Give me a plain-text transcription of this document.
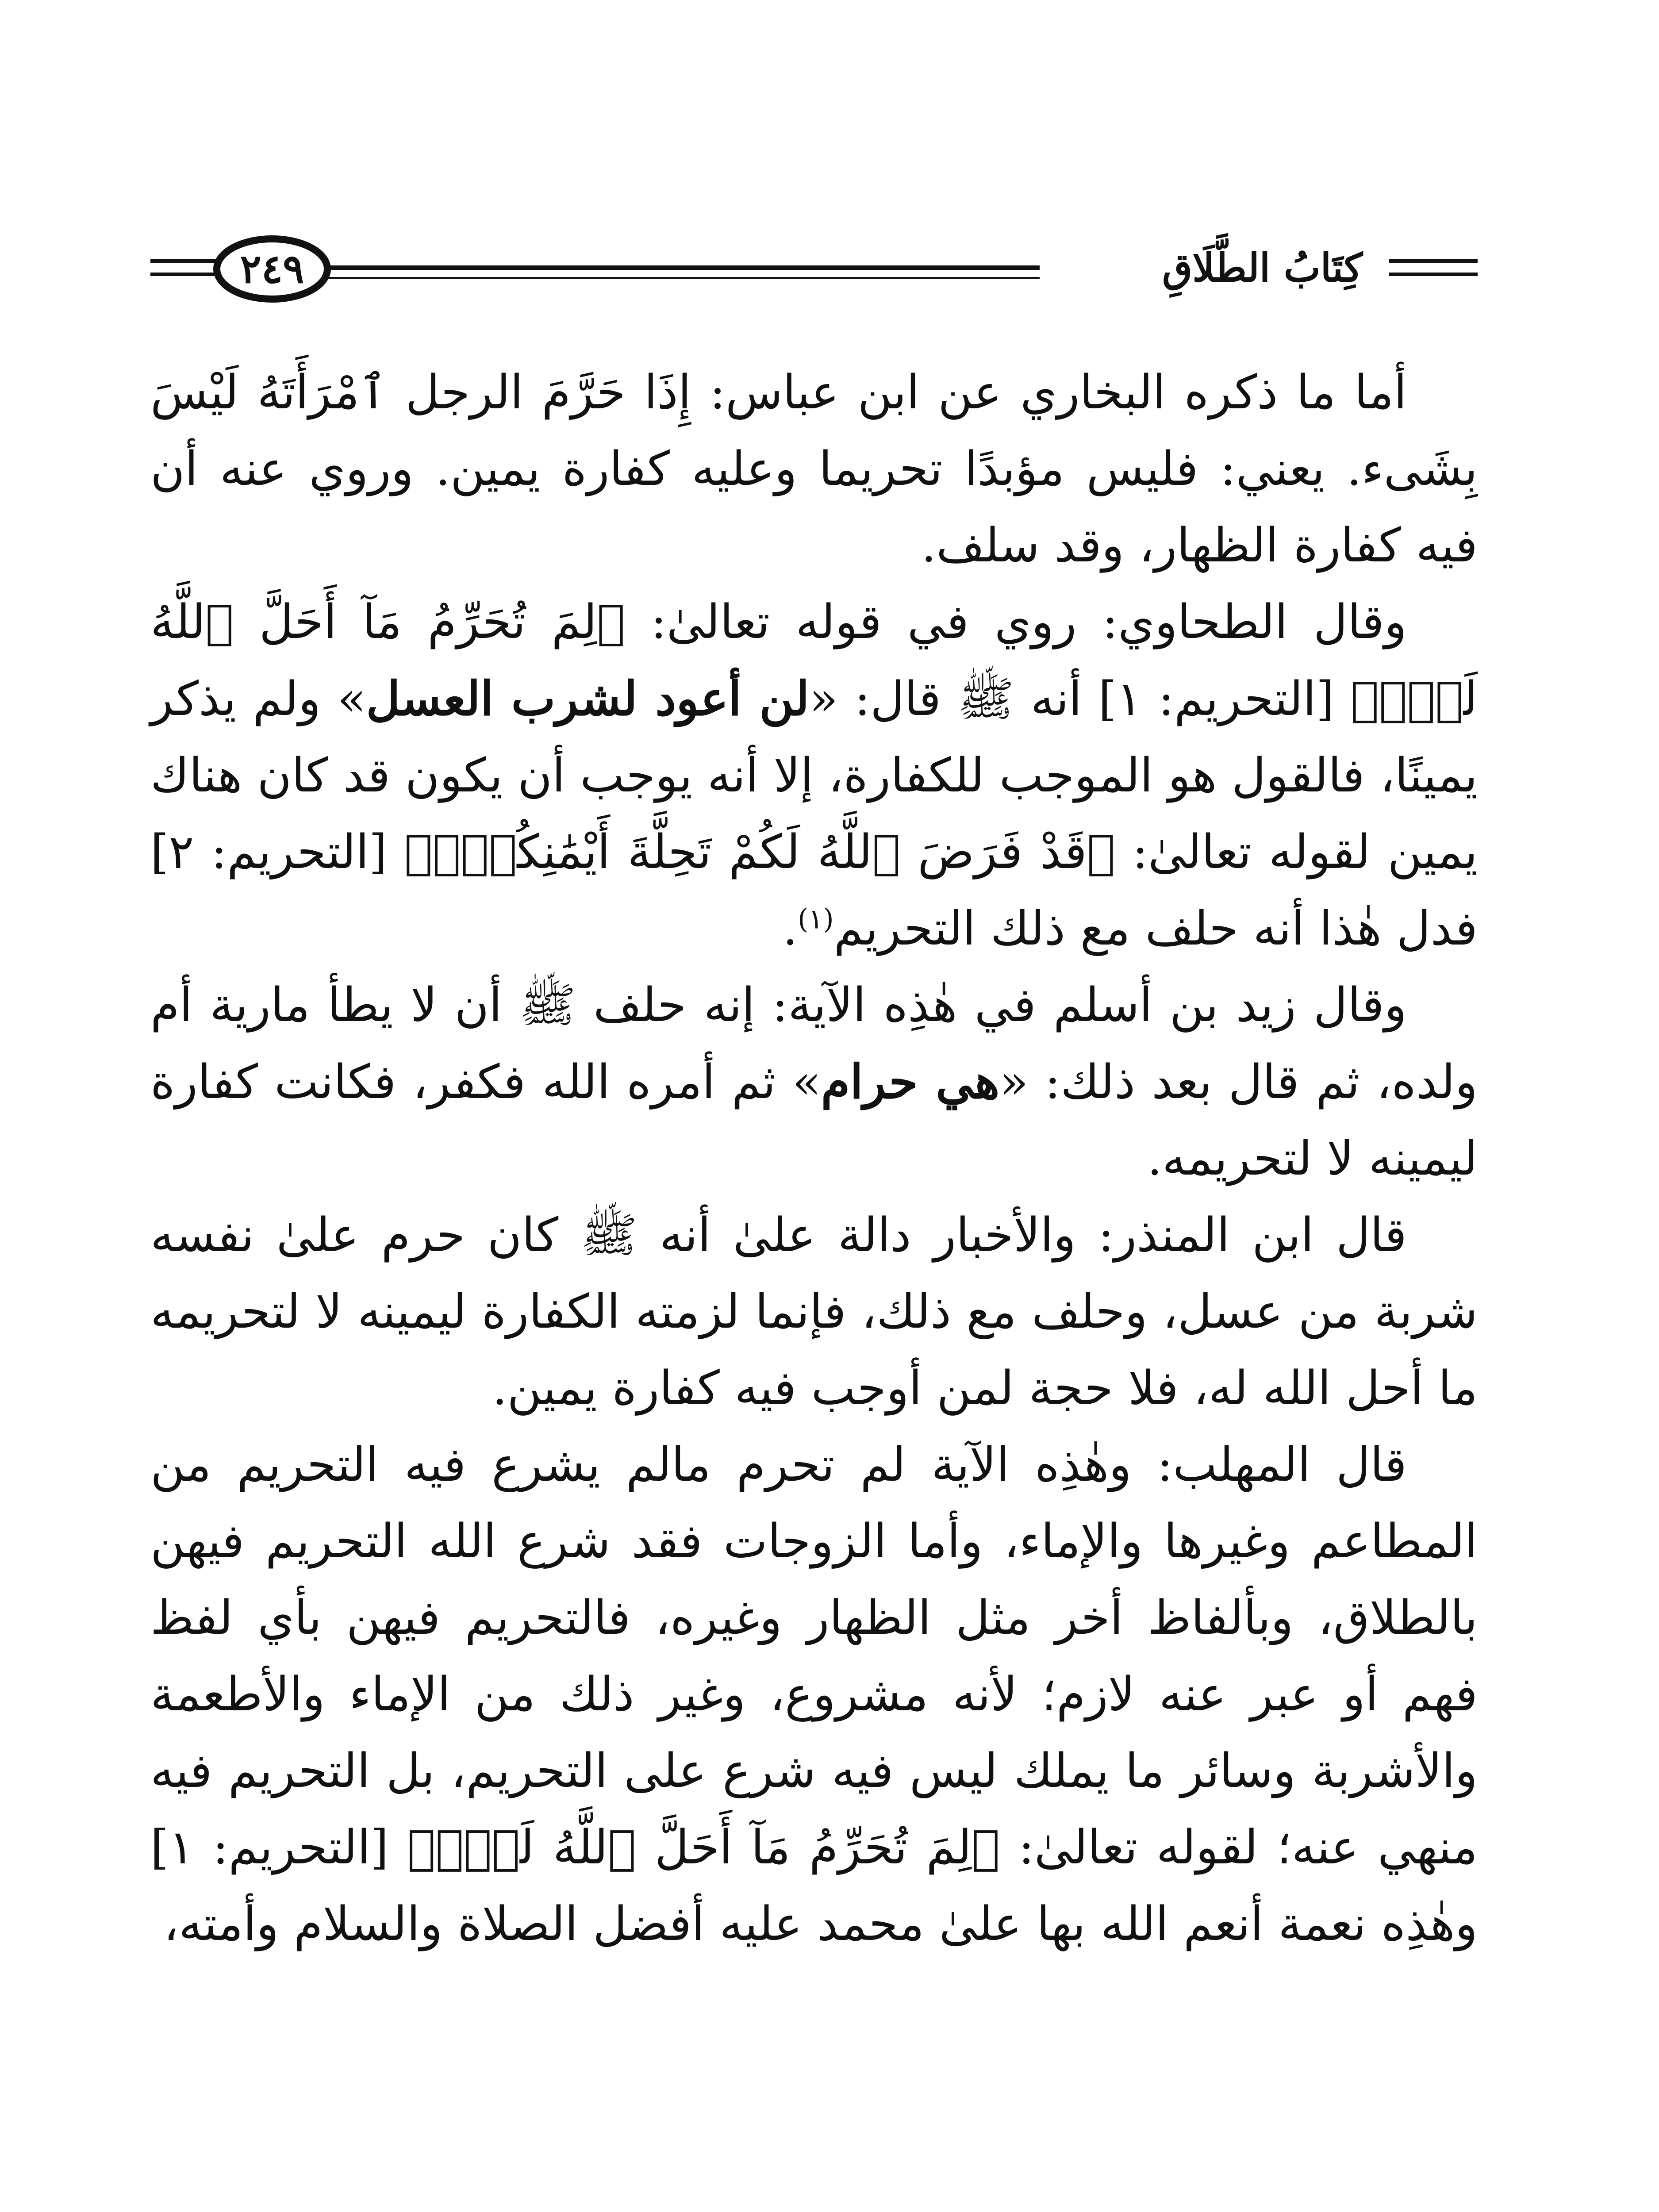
٢٤٩	كِتَابُ الطَّلَاقِ

أما ما ذكره البخاري عن ابن عباس: إِذَا حَرَّمَ الرجل ٱمْرَأَتَهُ لَيْسَ بِشَىء. يعني: فليس مؤبدًا تحريما وعليه كفارة يمين. وروي عنه أن فيه كفارة الظهار، وقد سلف.

وقال الطحاوي: روي في قوله تعالىٰ: ﴿لِمَ تُحَرِّمُ مَآ أَحَلَّ ٱللَّهُ لَكَۖ﴾ [التحريم: ١] أنه ﷺ قال: «لن أعود لشرب العسل» ولم يذكر يمينًا، فالقول هو الموجب للكفارة، إلا أنه يوجب أن يكون قد كان هناك يمين لقوله تعالىٰ: ﴿قَدْ فَرَضَ ٱللَّهُ لَكُمْ تَحِلَّةَ أَيْمَٰنِكُمْۚ﴾ [التحريم: ٢] فدل هٰذا أنه حلف مع ذلك التحريم$^{(١)}$.

وقال زيد بن أسلم في هٰذِه الآية: إنه حلف ﷺ أن لا يطأ مارية أم ولده، ثم قال بعد ذلك: «هي حرام» ثم أمره الله فكفر، فكانت كفارة ليمينه لا لتحريمه.

قال ابن المنذر: والأخبار دالة علىٰ أنه ﷺ كان حرم علىٰ نفسه شربة من عسل، وحلف مع ذلك، فإنما لزمته الكفارة ليمينه لا لتحريمه ما أحل الله له، فلا حجة لمن أوجب فيه كفارة يمين.

قال المهلب: وهٰذِه الآية لم تحرم مالم يشرع فيه التحريم من المطاعم وغيرها والإماء، وأما الزوجات فقد شرع الله التحريم فيهن بالطلاق، وبألفاظ أخر مثل الظهار وغيره، فالتحريم فيهن بأي لفظ فهم أو عبر عنه لازم؛ لأنه مشروع، وغير ذلك من الإماء والأطعمة والأشربة وسائر ما يملك ليس فيه شرع على التحريم، بل التحريم فيه منهي عنه؛ لقوله تعالىٰ: ﴿لِمَ تُحَرِّمُ مَآ أَحَلَّ ٱللَّهُ لَكَۖ﴾ [التحريم: ١] وهٰذِه نعمة أنعم الله بها علىٰ محمد عليه أفضل الصلاة والسلام وأمته،
